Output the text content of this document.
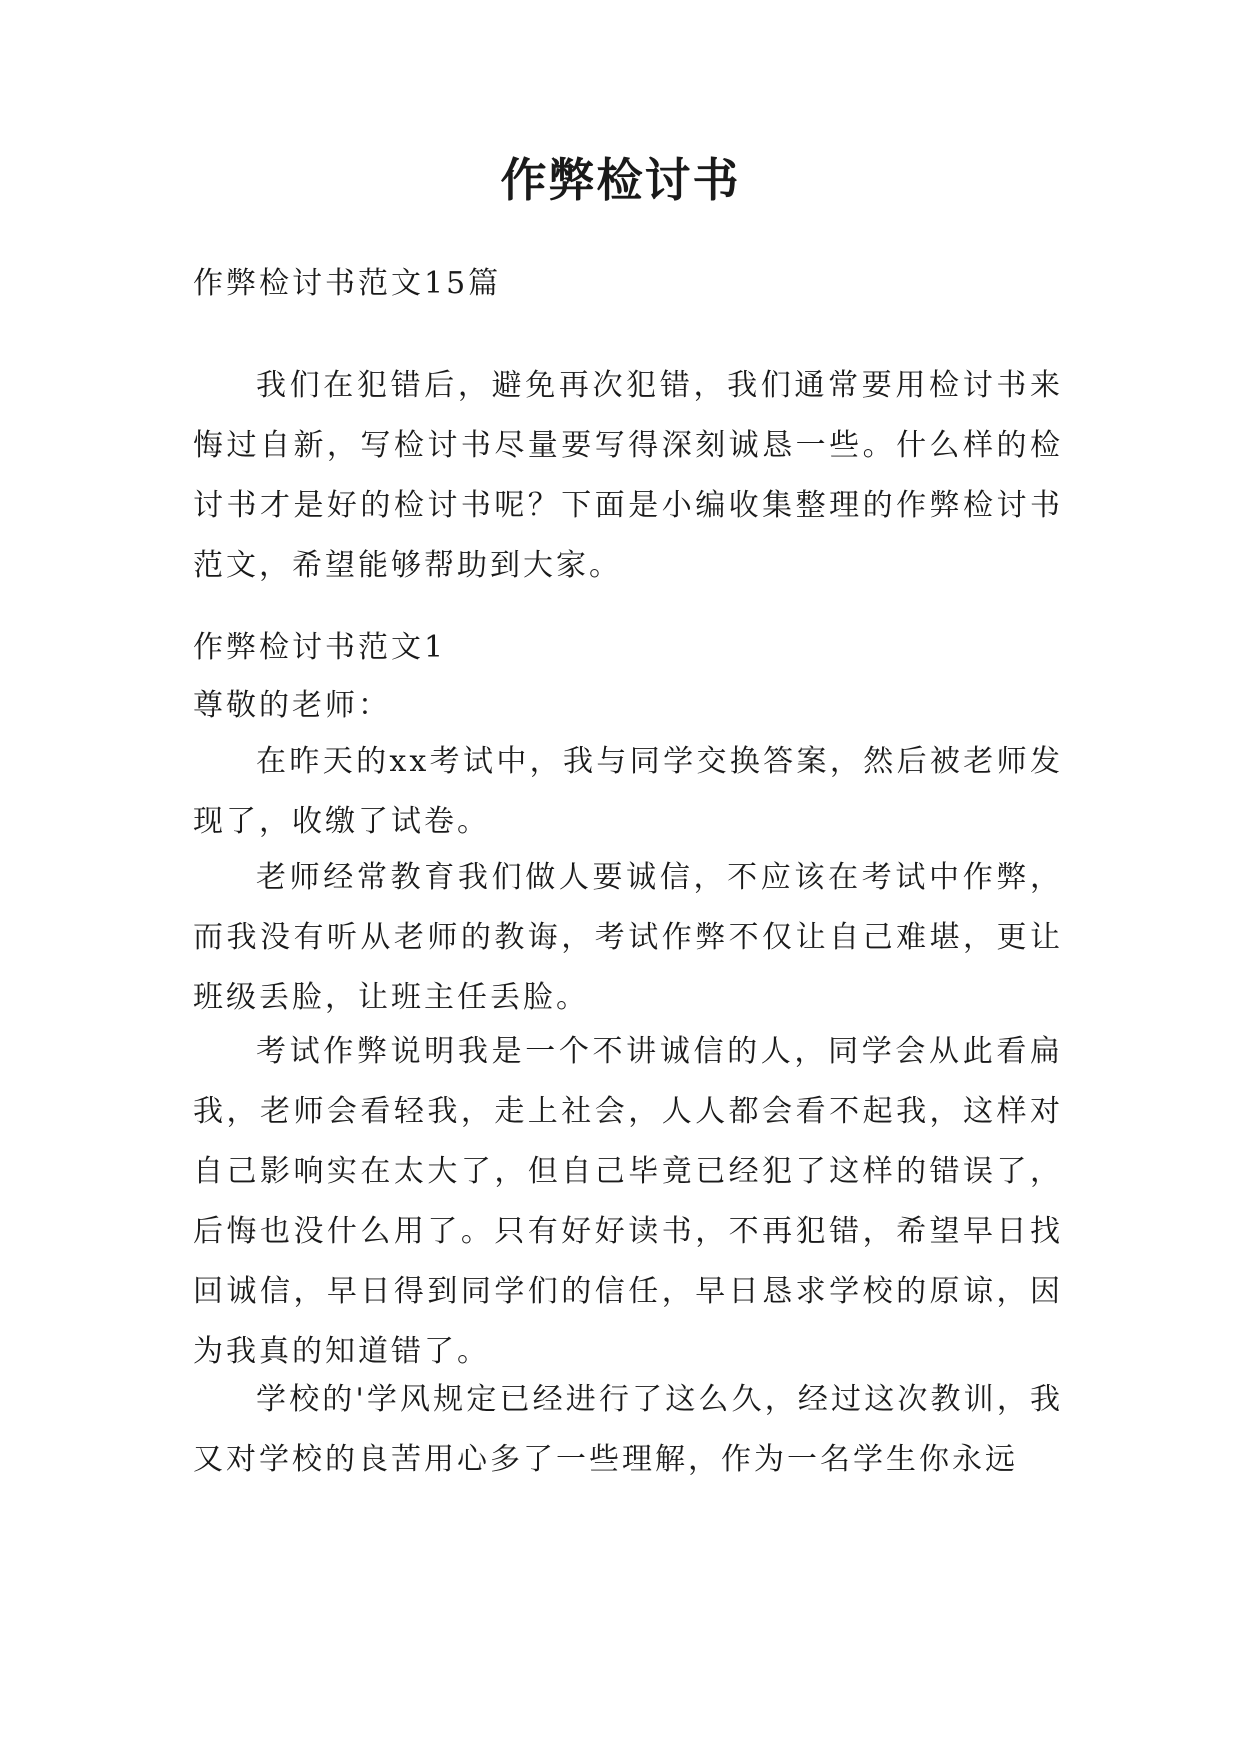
作弊检讨书

作弊检讨书范文15篇

我们在犯错后，避免再次犯错，我们通常要用检讨书来悔过自新，写检讨书尽量要写得深刻诚恳一些。什么样的检讨书才是好的检讨书呢？下面是小编收集整理的作弊检讨书范文，希望能够帮助到大家。

作弊检讨书范文1

尊敬的老师：

在昨天的xx考试中，我与同学交换答案，然后被老师发现了，收缴了试卷。

老师经常教育我们做人要诚信，不应该在考试中作弊，而我没有听从老师的教诲，考试作弊不仅让自己难堪，更让班级丢脸，让班主任丢脸。

考试作弊说明我是一个不讲诚信的人，同学会从此看扁我，老师会看轻我，走上社会，人人都会看不起我，这样对自己影响实在太大了，但自己毕竟已经犯了这样的错误了，后悔也没什么用了。只有好好读书，不再犯错，希望早日找回诚信，早日得到同学们的信任，早日恳求学校的原谅，因为我真的知道错了。

学校的'学风规定已经进行了这么久，经过这次教训，我又对学校的良苦用心多了一些理解，作为一名学生你永远
